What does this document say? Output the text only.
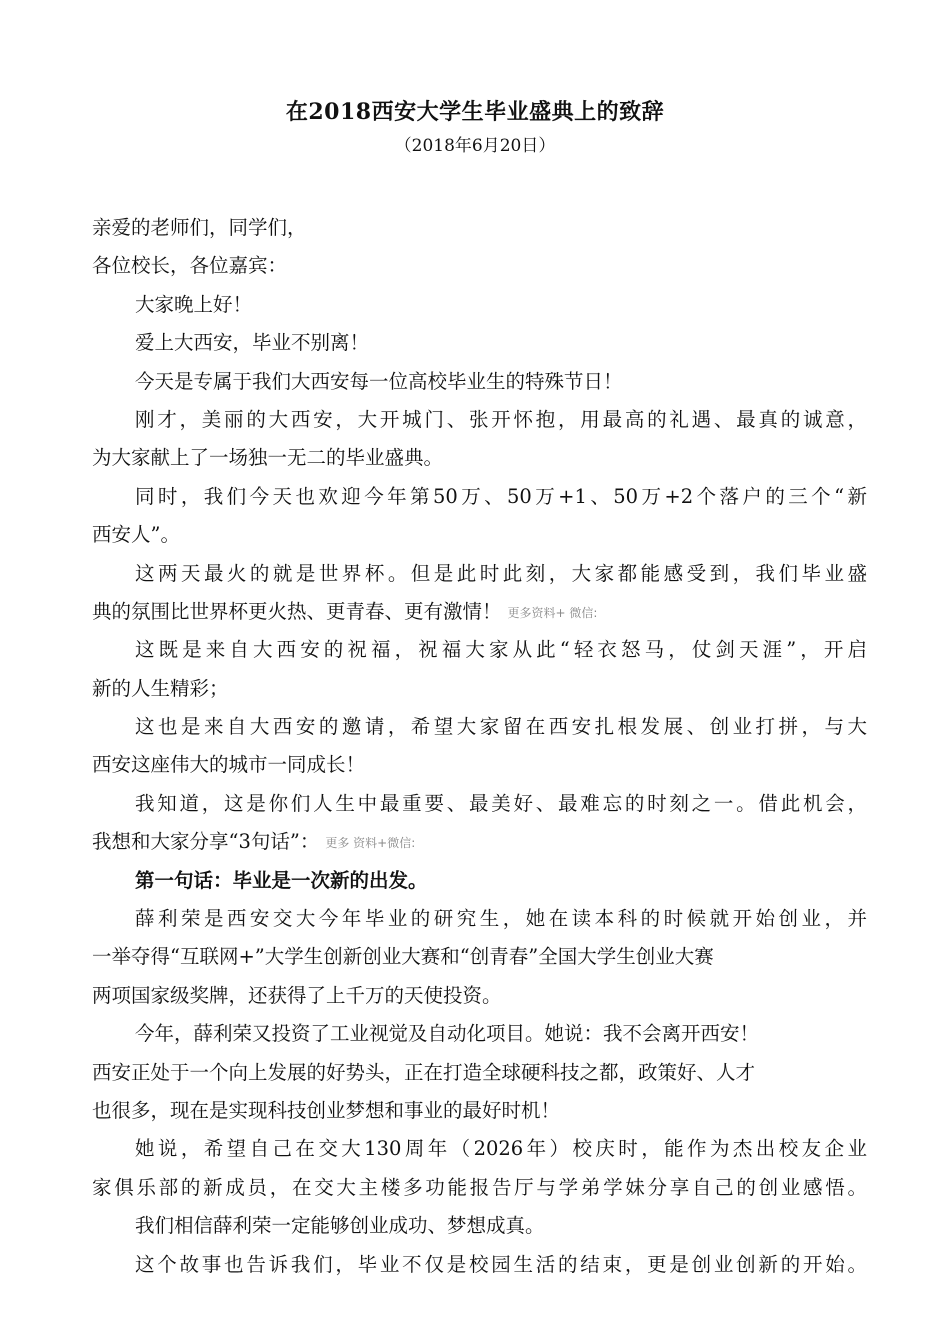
在2018西安大学生毕业盛典上的致辞
（2018年6月20日）
亲爱的老师们，同学们，
各位校长，各位嘉宾：
大家晚上好！
爱上大西安，毕业不别离！
今天是专属于我们大西安每一位高校毕业生的特殊节日！
刚才，美丽的大西安，大开城门、张开怀抱，用最高的礼遇、最真的诚意，
为大家献上了一场独一无二的毕业盛典。
同时，我们今天也欢迎今年第50万、50万+1、50万+2个落户的三个“新
西安人”。
这两天最火的就是世界杯。但是此时此刻，大家都能感受到，我们毕业盛
典的氛围比世界杯更火热、更青春、更有激情！ 更多资料+ 微信:
这既是来自大西安的祝福，祝福大家从此“轻衣怒马，仗剑天涯”，开启
新的人生精彩；
这也是来自大西安的邀请，希望大家留在西安扎根发展、创业打拼，与大
西安这座伟大的城市一同成长！
我知道，这是你们人生中最重要、最美好、最难忘的时刻之一。借此机会，
我想和大家分享“3句话”： 更多 资料+微信:
第一句话：毕业是一次新的出发。
薛利荣是西安交大今年毕业的研究生，她在读本科的时候就开始创业，并
一举夺得“互联网+”大学生创新创业大赛和“创青春”全国大学生创业大赛
两项国家级奖牌，还获得了上千万的天使投资。
今年，薛利荣又投资了工业视觉及自动化项目。她说：我不会离开西安！
西安正处于一个向上发展的好势头，正在打造全球硬科技之都，政策好、人才
也很多，现在是实现科技创业梦想和事业的最好时机！
她说，希望自己在交大130周年（2026年）校庆时，能作为杰出校友企业
家俱乐部的新成员，在交大主楼多功能报告厅与学弟学妹分享自己的创业感悟。
我们相信薛利荣一定能够创业成功、梦想成真。
这个故事也告诉我们，毕业不仅是校园生活的结束，更是创业创新的开始。
